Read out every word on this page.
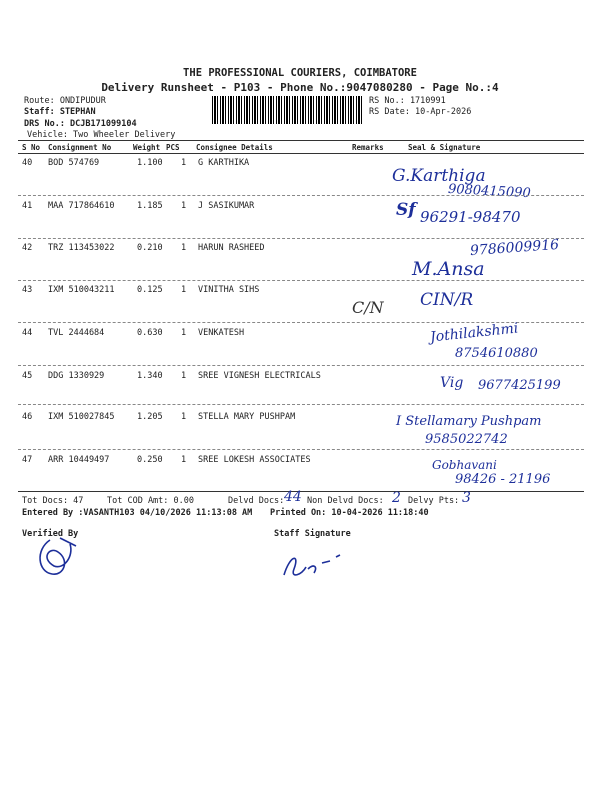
THE PROFESSIONAL COURIERS, COIMBATORE
Delivery Runsheet - P103 - Phone No.:9047080280 - Page No.:4
Route: ONDIPUDUR
Staff: STEPHAN
DRS No.: DCJB171099104
Vehicle: Two Wheeler Delivery
RS No.: 1710991
RS Date: 10-Apr-2026
S No Consignment No	Weight PCS Consignee Details	Remarks	Seal & Signature
40 BOD 574769	1.100 1 G KARTHIKA
G.Karthiga
9080415090
41 MAA 717864610	1.185 1 J SASIKUMAR	Sf 96291-98470
42 TRZ 113453022	0.210 1 HARUN RASHEED	9786009916
M.Ansa
43 IXM 510043211	0.125 1 VINITHA SIHS
C/N CIN/R
44 TVL 2444684	0.630 1 VENKATESH	Jothilakshmi
8754610880
45 DDG 1330929	1.340 1 SREE VIGNESH ELECTRICALS	Vig 9677425199
46 IXM 510027845	1.205 1 STELLA MARY PUSHPAM	I Stellamary Pushpam
9585022742
47 ARR 10449497	0.250 1 SREE LOKESH ASSOCIATES	Gobhavani
98426 - 21196
Tot Docs: 47	Tot COD Amt: 0.00	Delvd Docs: 44 Non Delvd Docs: 2 Delvy Pts: 3
Entered By :VASANTH103 04/10/2026 11:13:08 AM Printed On: 10-04-2026 11:18:40
Verified By	Staff Signature
